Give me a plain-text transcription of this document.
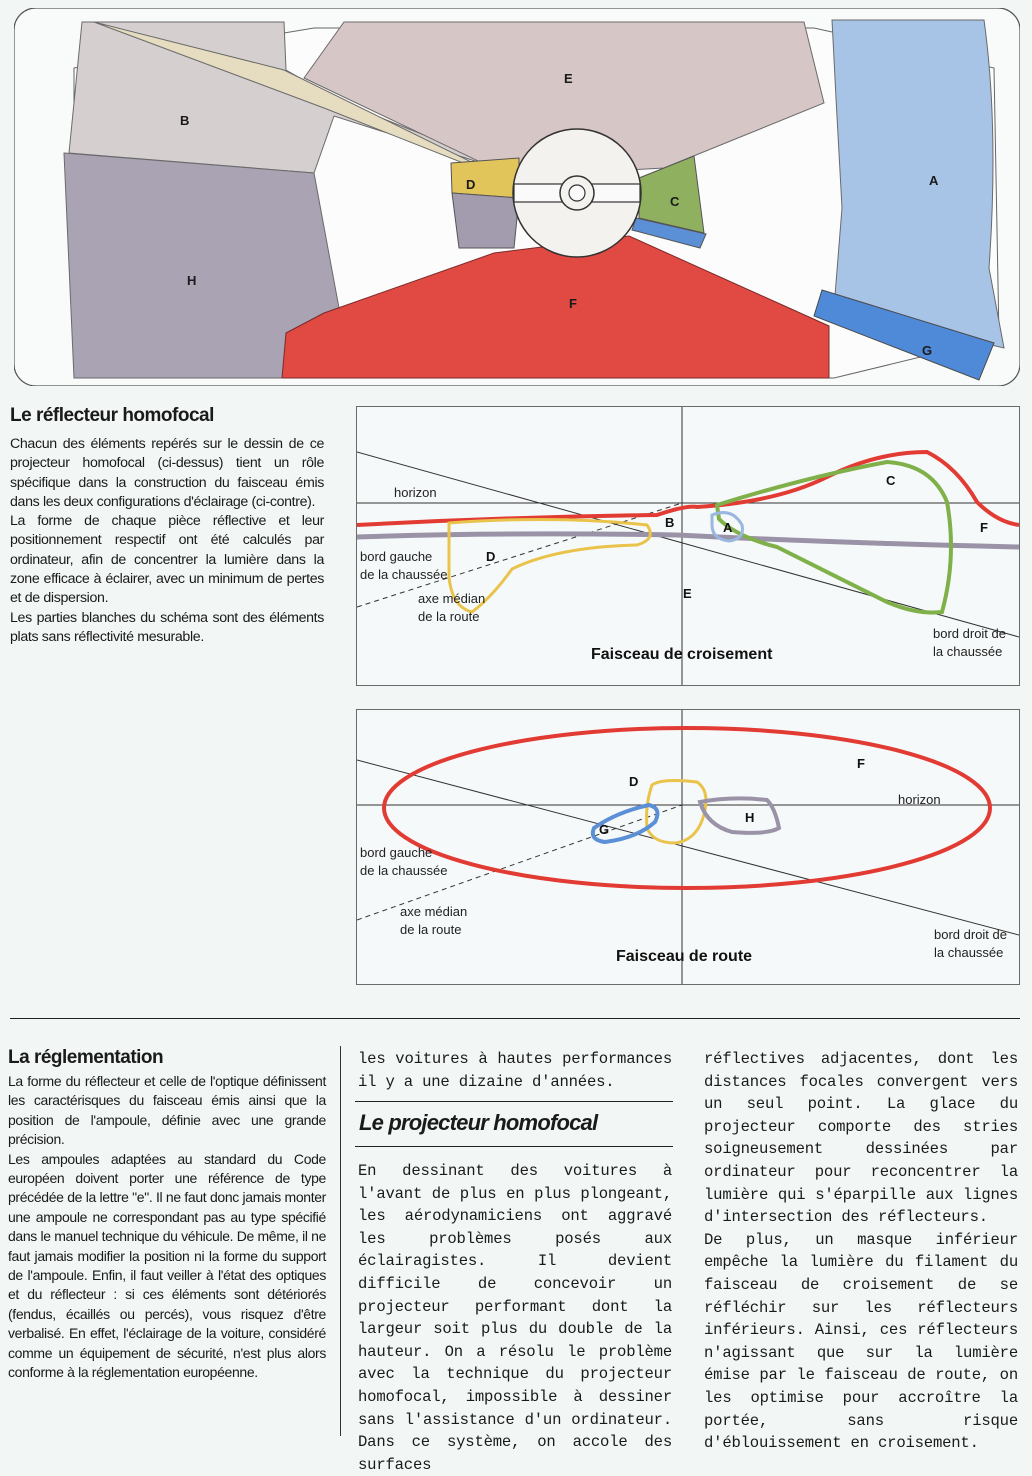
B
E
A
D
C
H
F
G
Le réflecteur homofocal

Chacun des éléments repérés sur le dessin de ce projecteur homofocal (ci-dessus) tient un rôle spécifique dans la construction du faisceau émis dans les deux configurations d'éclairage (ci-contre).

La forme de chaque pièce réflective et leur positionnement respectif ont été calculés par ordinateur, afin de concentrer la lumière dans la zone efficace à éclairer, avec un minimum de pertes et de dispersion.

Les parties blanches du schéma sont des éléments plats sans réflectivité mesurable.

horizon
bord gauche
de la chaussée
axe médian
de la route
bord droit de
la chaussée
D
B	A
C
F
E
Faisceau de croisement
horizon
bord gauche
de la chaussée
axe médian
de la route	bord droit de
la chaussée
D
F
G
H
Faisceau de route
La réglementation

La forme du réflecteur et celle de l'optique définissent les caractérisques du faisceau émis ainsi que la position de l'ampoule, définie avec une grande précision.

Les ampoules adaptées au standard du Code européen doivent porter une référence de type précédée de la lettre "e". Il ne faut donc jamais monter une ampoule ne correspondant pas au type spécifié dans le manuel technique du véhicule. De même, il ne faut jamais modifier la position ni la forme du support de l'ampoule. Enfin, il faut veiller à l'état des optiques et du réflecteur : si ces éléments sont détériorés (fendus, écaillés ou percés), vous risquez d'être verbalisé. En effet, l'éclairage de la voiture, considéré comme un équipement de sécurité, n'est plus alors conforme à la réglementation européenne.

les voitures à hautes performances il y a une dizaine d'années.

Le projecteur homofocal

En dessinant des voitures à l'avant de plus en plus plongeant, les aérodynamiciens ont aggravé les problèmes posés aux éclairagistes. Il devient difficile de concevoir un projecteur performant dont la largeur soit plus du double de la hauteur. On a résolu le problème avec la technique du projecteur homofocal, impossible à dessiner sans l'assistance d'un ordinateur. Dans ce système, on accole des surfaces

réflectives adjacentes, dont les distances focales convergent vers un seul point. La glace du projecteur comporte des stries soigneusement dessinées par ordinateur pour reconcentrer la lumière qui s'éparpille aux lignes d'intersection des réflecteurs.

De plus, un masque inférieur empêche la lumière du filament du faisceau de croisement de se réfléchir sur les réflecteurs inférieurs. Ainsi, ces réflecteurs n'agissant que sur la lumière émise par le faisceau de route, on les optimise pour accroître la portée, sans risque d'éblouissement en croisement.
